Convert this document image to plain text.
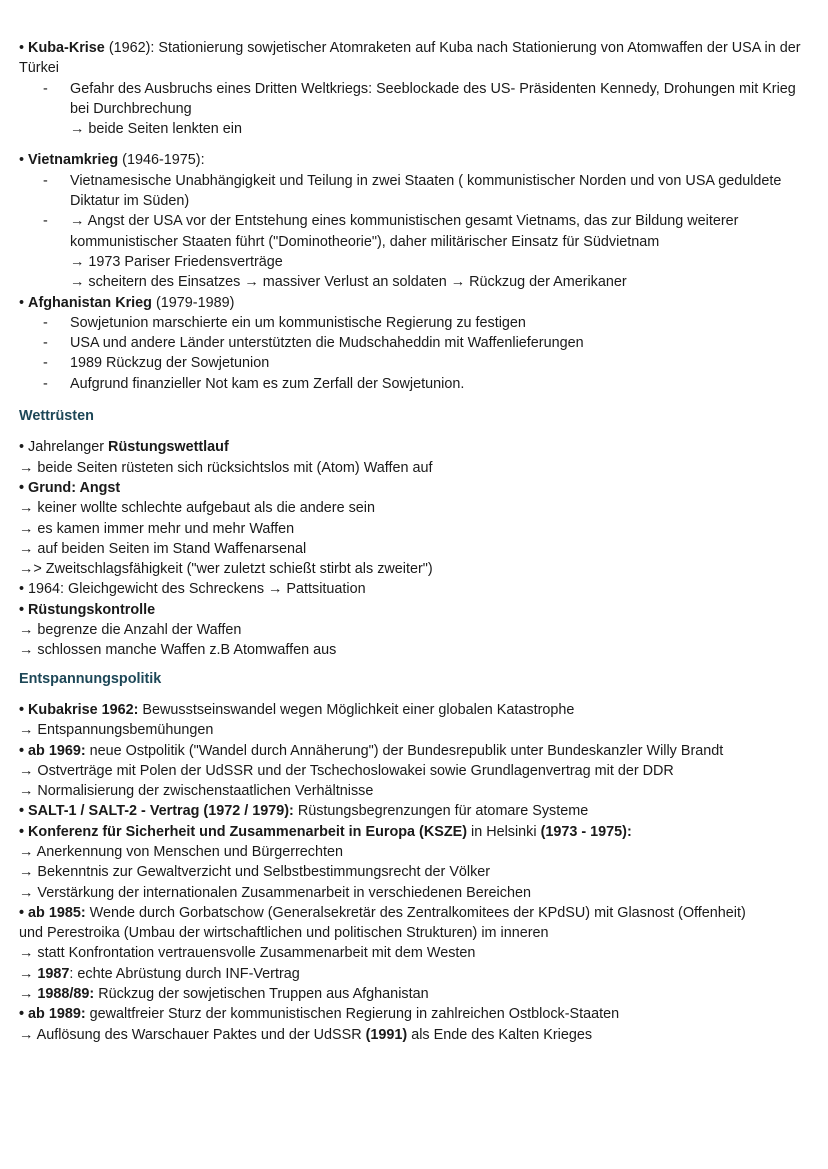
• Kuba-Krise (1962): Stationierung sowjetischer Atomraketen auf Kuba nach Stationierung von Atomwaffen der USA in der Türkei
- Gefahr des Ausbruchs eines Dritten Weltkriegs: Seeblockade des US- Präsidenten Kennedy, Drohungen mit Krieg bei Durchbrechung
→ beide Seiten lenkten ein
• Vietnamkrieg (1946-1975):
- Vietnamesische Unabhängigkeit und Teilung in zwei Staaten ( kommunistischer Norden und von USA geduldete Diktatur im Süden)
- → Angst der USA vor der Entstehung eines kommunistischen gesamt Vietnams, das zur Bildung weiterer kommunistischer Staaten führt ("Dominotheorie"), daher militärischer Einsatz für Südvietnam
→ 1973 Pariser Friedensverträge
→ scheitern des Einsatzes → massiver Verlust an soldaten → Rückzug der Amerikaner
• Afghanistan Krieg (1979-1989)
- Sowjetunion marschierte ein um kommunistische Regierung zu festigen
- USA und andere Länder unterstützten die Mudschaheddin mit Waffenlieferungen
- 1989 Rückzug der Sowjetunion
- Aufgrund finanzieller Not kam es zum Zerfall der Sowjetunion.
Wettrüsten
• Jahrelanger Rüstungswettlauf
→ beide Seiten rüsteten sich rücksichtslos mit (Atom) Waffen auf
• Grund: Angst
→ keiner wollte schlechte aufgebaut als die andere sein
→ es kamen immer mehr und mehr Waffen
→ auf beiden Seiten im Stand Waffenarsenal
→> Zweitschlagsfähigkeit ("wer zuletzt schießt stirbt als zweiter")
• 1964: Gleichgewicht des Schreckens → Pattsituation
• Rüstungskontrolle
→ begrenze die Anzahl der Waffen
→ schlossen manche Waffen z.B Atomwaffen aus
Entspannungspolitik
• Kubakrise 1962: Bewusstseinswandel wegen Möglichkeit einer globalen Katastrophe
→ Entspannungsbemühungen
• ab 1969: neue Ostpolitik ("Wandel durch Annäherung") der Bundesrepublik unter Bundeskanzler Willy Brandt
→ Ostverträge mit Polen der UdSSR und der Tschechoslowakei sowie Grundlagenvertrag mit der DDR
→ Normalisierung der zwischenstaatlichen Verhältnisse
• SALT-1 / SALT-2 - Vertrag (1972 / 1979): Rüstungsbegrenzungen für atomare Systeme
• Konferenz für Sicherheit und Zusammenarbeit in Europa (KSZE) in Helsinki (1973 - 1975):
→ Anerkennung von Menschen und Bürgerrechten
→ Bekenntnis zur Gewaltverzicht und Selbstbestimmungsrecht der Völker
→ Verstärkung der internationalen Zusammenarbeit in verschiedenen Bereichen
• ab 1985: Wende durch Gorbatschow (Generalsekretär des Zentralkomitees der KPdSU) mit Glasnost (Offenheit)
und Perestroika (Umbau der wirtschaftlichen und politischen Strukturen) im inneren
→ statt Konfrontation vertrauensvolle Zusammenarbeit mit dem Westen
→ 1987: echte Abrüstung durch INF-Vertrag
→ 1988/89: Rückzug der sowjetischen Truppen aus Afghanistan
• ab 1989: gewaltfreier Sturz der kommunistischen Regierung in zahlreichen Ostblock-Staaten
→ Auflösung des Warschauer Paktes und der UdSSR (1991) als Ende des Kalten Krieges
